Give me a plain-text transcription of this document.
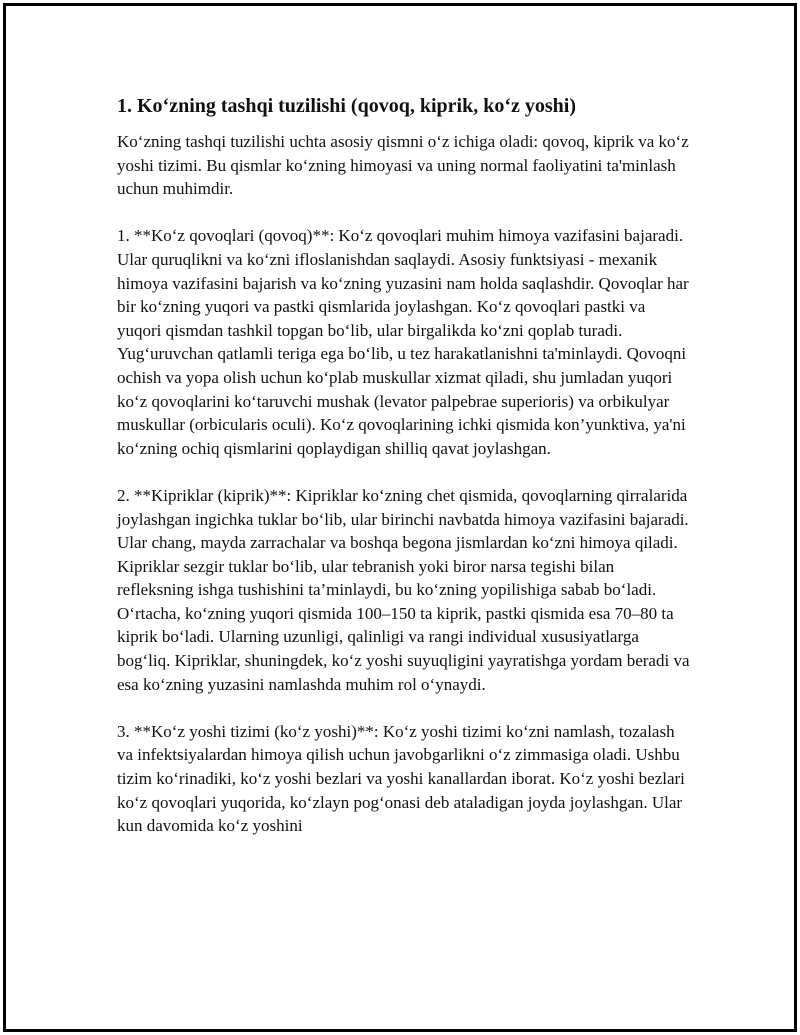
1. Ko‘zning tashqi tuzilishi (qovoq, kiprik, ko‘z yoshi)

Ko‘zning tashqi tuzilishi uchta asosiy qismni o‘z ichiga oladi: qovoq, kiprik va ko‘z yoshi tizimi. Bu qismlar ko‘zning himoyasi va uning normal faoliyatini ta'minlash uchun muhimdir.

1. **Ko‘z qovoqlari (qovoq)**: Ko‘z qovoqlari muhim himoya vazifasini bajaradi. Ular quruqlikni va ko‘zni ifloslanishdan saqlaydi. Asosiy funktsiyasi - mexanik himoya vazifasini bajarish va ko‘zning yuzasini nam holda saqlashdir. Qovoqlar har bir ko‘zning yuqori va pastki qismlarida joylashgan. Ko‘z qovoqlari pastki va yuqori qismdan tashkil topgan bo‘lib, ular birgalikda ko‘zni qoplab turadi. Yug‘uruvchan qatlamli teriga ega bo‘lib, u tez harakatlanishni ta'minlaydi. Qovoqni ochish va yopa olish uchun ko‘plab muskullar xizmat qiladi, shu jumladan yuqori ko‘z qovoqlarini ko‘taruvchi mushak (levator palpebrae superioris) va orbikulyar muskullar (orbicularis oculi). Ko‘z qovoqlarining ichki qismida kon’yunktiva, ya'ni ko‘zning ochiq qismlarini qoplaydigan shilliq qavat joylashgan.

2. **Kipriklar (kiprik)**: Kipriklar ko‘zning chet qismida, qovoqlarning qirralarida joylashgan ingichka tuklar bo‘lib, ular birinchi navbatda himoya vazifasini bajaradi. Ular chang, mayda zarrachalar va boshqa begona jismlardan ko‘zni himoya qiladi. Kipriklar sezgir tuklar bo‘lib, ular tebranish yoki biror narsa tegishi bilan refleksning ishga tushishini ta’minlaydi, bu ko‘zning yopilishiga sabab bo‘ladi. O‘rtacha, ko‘zning yuqori qismida 100–150 ta kiprik, pastki qismida esa 70–80 ta kiprik bo‘ladi. Ularning uzunligi, qalinligi va rangi individual xususiyatlarga bog‘liq. Kipriklar, shuningdek, ko‘z yoshi suyuqligini yayratishga yordam beradi va esa ko‘zning yuzasini namlashda muhim rol o‘ynaydi.

3. **Ko‘z yoshi tizimi (ko‘z yoshi)**: Ko‘z yoshi tizimi ko‘zni namlash, tozalash va infektsiyalardan himoya qilish uchun javobgarlikni o‘z zimmasiga oladi. Ushbu tizim ko‘rinadiki, ko‘z yoshi bezlari va yoshi kanallardan iborat. Ko‘z yoshi bezlari ko‘z qovoqlari yuqorida, ko‘zlayn pog‘onasi deb ataladigan joyda joylashgan. Ular kun davomida ko‘z yoshini
